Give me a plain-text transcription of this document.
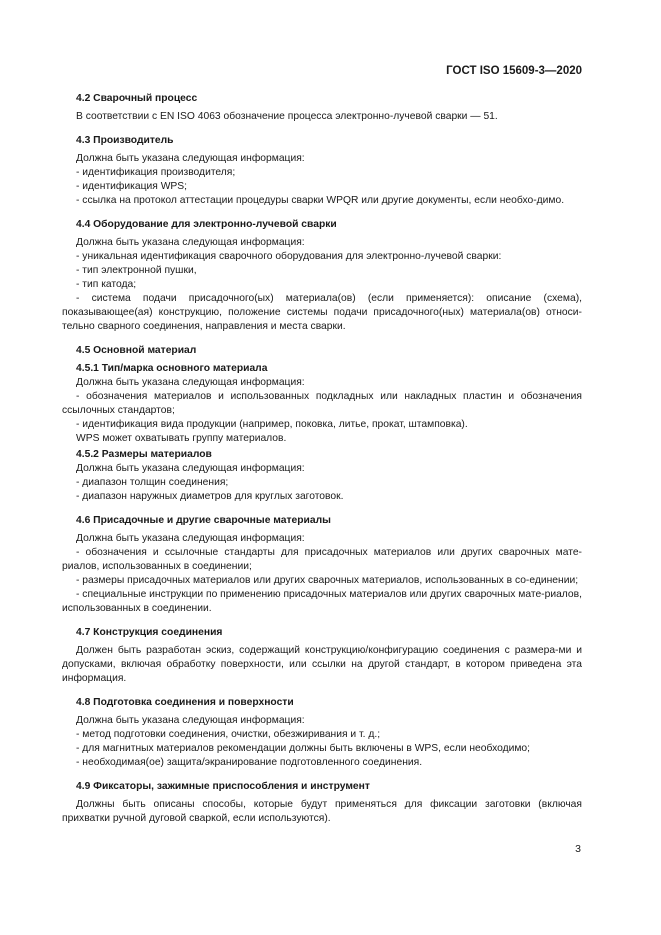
ГОСТ ISO 15609-3—2020
4.2 Сварочный процесс
В соответствии с EN ISO 4063 обозначение процесса электронно-лучевой сварки — 51.
4.3 Производитель
Должна быть указана следующая информация:
- идентификация производителя;
- идентификация WPS;
- ссылка на протокол аттестации процедуры сварки WPQR или другие документы, если необхо-димо.
4.4 Оборудование для электронно-лучевой сварки
Должна быть указана следующая информация:
- уникальная идентификация сварочного оборудования для электронно-лучевой сварки:
- тип электронной пушки,
- тип катода;
- система подачи присадочного(ых) материала(ов) (если применяется): описание (схема), показывающее(ая) конструкцию, положение системы подачи присадочного(ных) материала(ов) относи-тельно сварного соединения, направления и места сварки.
4.5 Основной материал
4.5.1 Тип/марка основного материала
Должна быть указана следующая информация:
- обозначения материалов и использованных подкладных или накладных пластин и обозначения ссылочных стандартов;
- идентификация вида продукции (например, поковка, литье, прокат, штамповка).
WPS может охватывать группу материалов.
4.5.2 Размеры материалов
Должна быть указана следующая информация:
- диапазон толщин соединения;
- диапазон наружных диаметров для круглых заготовок.
4.6 Присадочные и другие сварочные материалы
Должна быть указана следующая информация:
- обозначения и ссылочные стандарты для присадочных материалов или других сварочных мате-риалов, использованных в соединении;
- размеры присадочных материалов или других сварочных материалов, использованных в со-единении;
- специальные инструкции по применению присадочных материалов или других сварочных мате-риалов, использованных в соединении.
4.7 Конструкция соединения
Должен быть разработан эскиз, содержащий конструкцию/конфигурацию соединения с размера-ми и допусками, включая обработку поверхности, или ссылки на другой стандарт, в котором приведена эта информация.
4.8 Подготовка соединения и поверхности
Должна быть указана следующая информация:
- метод подготовки соединения, очистки, обезжиривания и т. д.;
- для магнитных материалов рекомендации должны быть включены в WPS, если необходимо;
- необходимая(ое) защита/экранирование подготовленного соединения.
4.9 Фиксаторы, зажимные приспособления и инструмент
Должны быть описаны способы, которые будут применяться для фиксации заготовки (включая прихватки ручной дуговой сваркой, если используются).
3
